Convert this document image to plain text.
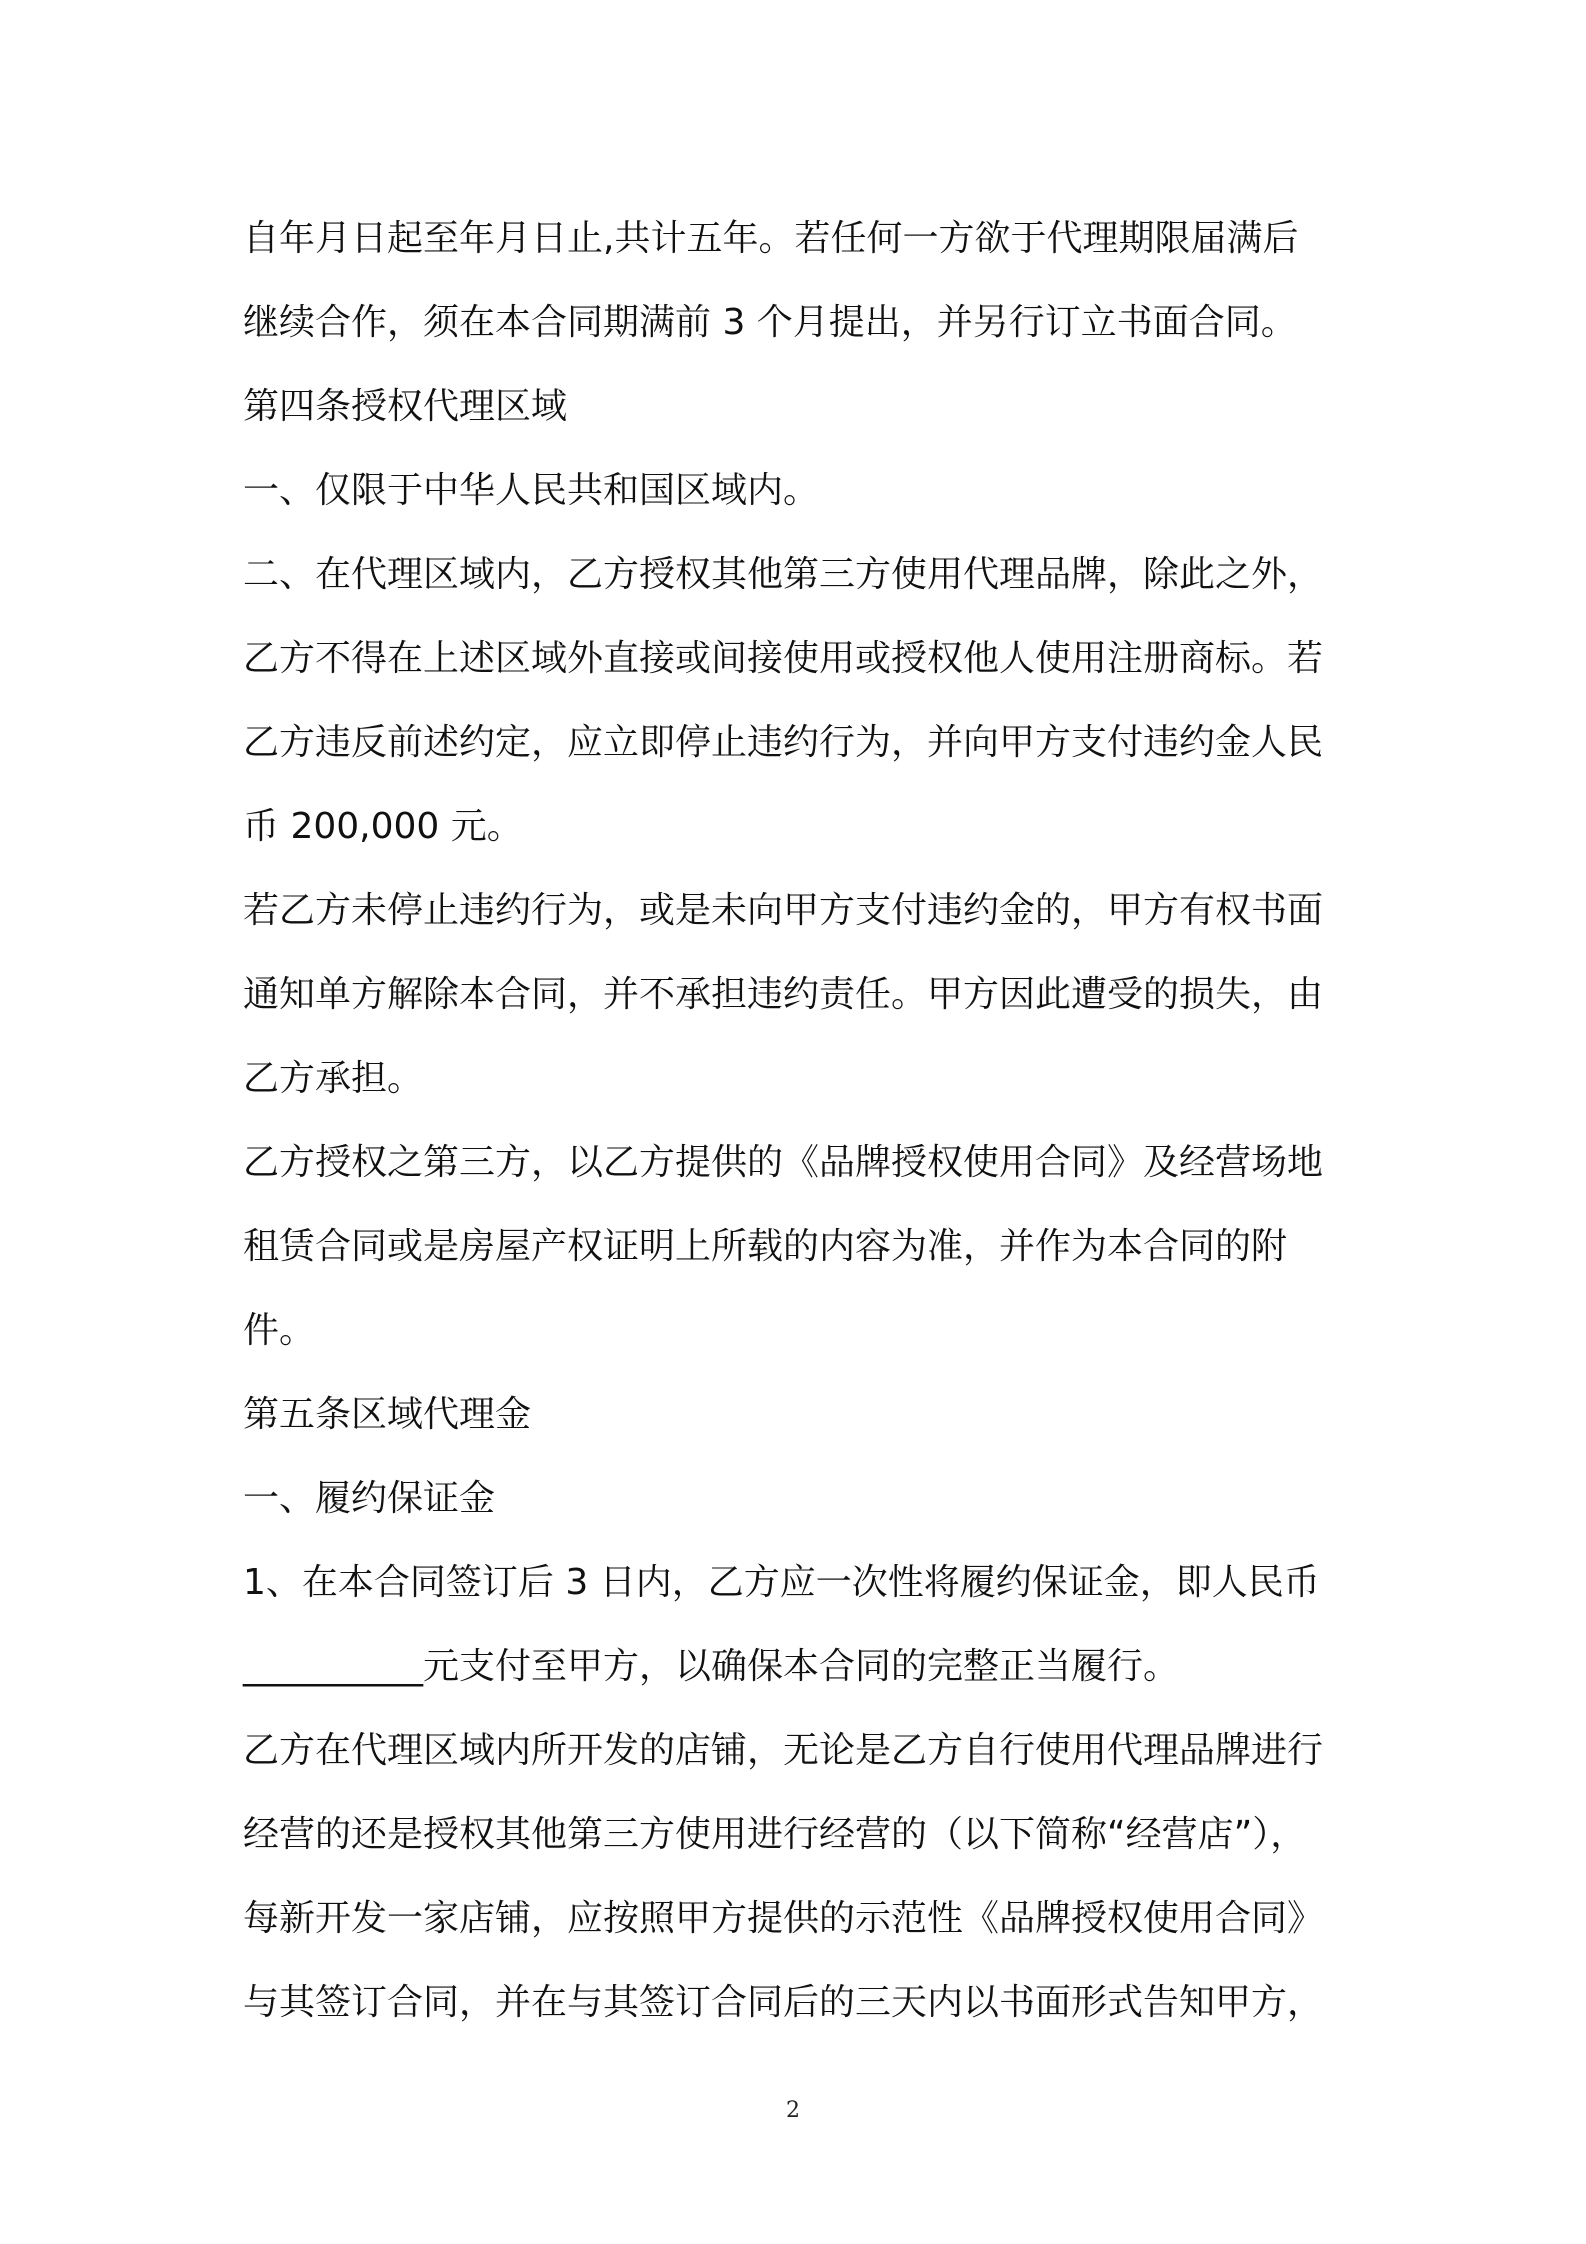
自年月日起至年月日止,共计五年。若任何一方欲于代理期限届满后
继续合作，须在本合同期满前 3 个月提出，并另行订立书面合同。
第四条授权代理区域
一、仅限于中华人民共和国区域内。
二、在代理区域内，乙方授权其他第三方使用代理品牌，除此之外，
乙方不得在上述区域外直接或间接使用或授权他人使用注册商标。若
乙方违反前述约定，应立即停止违约行为，并向甲方支付违约金人民
币 200,000 元。
若乙方未停止违约行为，或是未向甲方支付违约金的，甲方有权书面
通知单方解除本合同，并不承担违约责任。甲方因此遭受的损失，由
乙方承担。
乙方授权之第三方，以乙方提供的《品牌授权使用合同》及经营场地
租赁合同或是房屋产权证明上所载的内容为准，并作为本合同的附
件。
第五条区域代理金
一、履约保证金
1、在本合同签订后 3 日内，乙方应一次性将履约保证金，即人民币
__________元支付至甲方，以确保本合同的完整正当履行。
乙方在代理区域内所开发的店铺，无论是乙方自行使用代理品牌进行
经营的还是授权其他第三方使用进行经营的（以下简称“经营店”），
每新开发一家店铺，应按照甲方提供的示范性《品牌授权使用合同》
与其签订合同，并在与其签订合同后的三天内以书面形式告知甲方，
2
